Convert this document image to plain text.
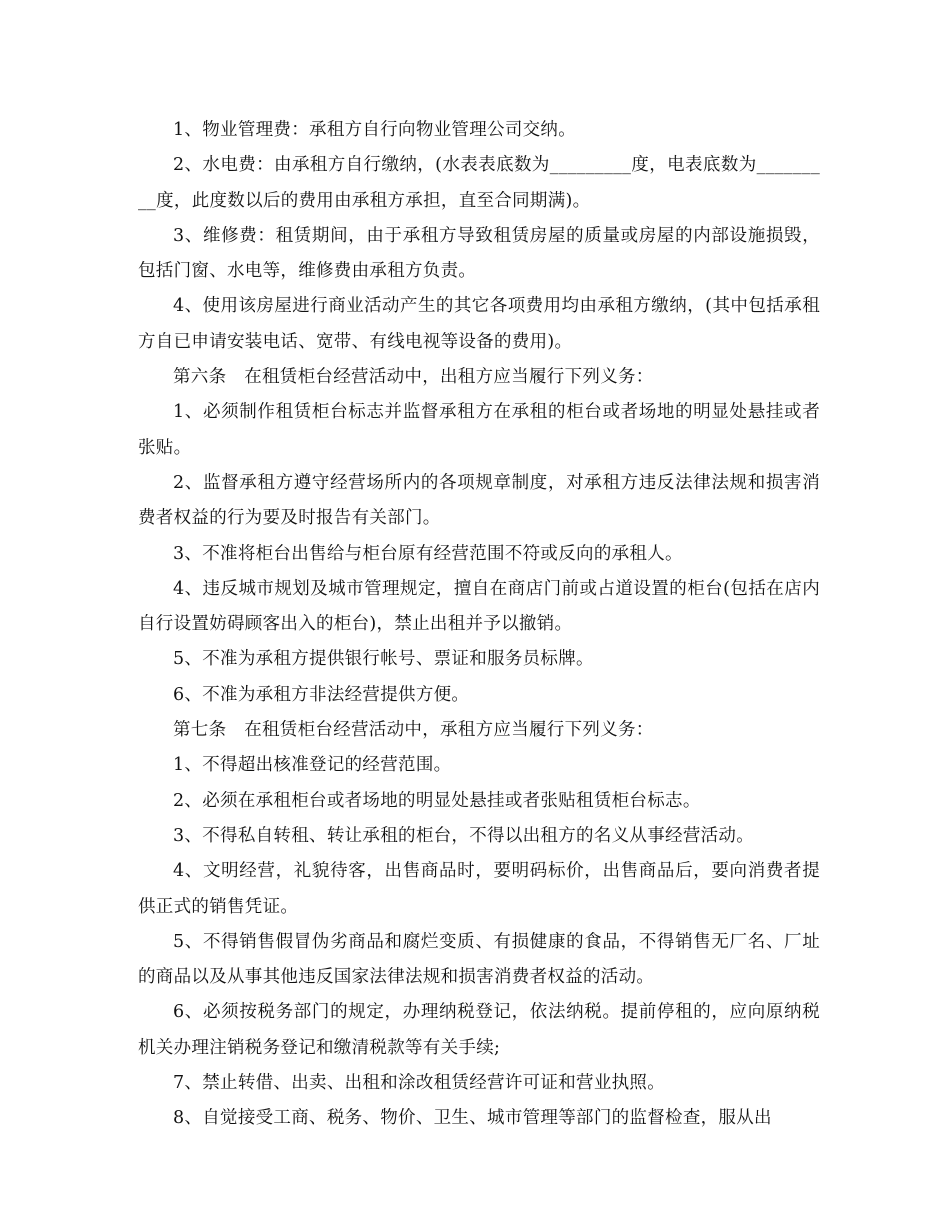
1、物业管理费：承租方自行向物业管理公司交纳。

2、水电费：由承租方自行缴纳，(水表表底数为_________度，电表底数为_________度，此度数以后的费用由承租方承担，直至合同期满)。

3、维修费：租赁期间，由于承租方导致租赁房屋的质量或房屋的内部设施损毁，包括门窗、水电等，维修费由承租方负责。

4、使用该房屋进行商业活动产生的其它各项费用均由承租方缴纳，(其中包括承租方自已申请安装电话、宽带、有线电视等设备的费用)。

第六条　在租赁柜台经营活动中，出租方应当履行下列义务：

1、必须制作租赁柜台标志并监督承租方在承租的柜台或者场地的明显处悬挂或者张贴。

2、监督承租方遵守经营场所内的各项规章制度，对承租方违反法律法规和损害消费者权益的行为要及时报告有关部门。

3、不准将柜台出售给与柜台原有经营范围不符或反向的承租人。

4、违反城市规划及城市管理规定，擅自在商店门前或占道设置的柜台(包括在店内自行设置妨碍顾客出入的柜台)，禁止出租并予以撤销。

5、不准为承租方提供银行帐号、票证和服务员标牌。

6、不准为承租方非法经营提供方便。

第七条　在租赁柜台经营活动中，承租方应当履行下列义务：

1、不得超出核准登记的经营范围。

2、必须在承租柜台或者场地的明显处悬挂或者张贴租赁柜台标志。

3、不得私自转租、转让承租的柜台，不得以出租方的名义从事经营活动。

4、文明经营，礼貌待客，出售商品时，要明码标价，出售商品后，要向消费者提供正式的销售凭证。

5、不得销售假冒伪劣商品和腐烂变质、有损健康的食品，不得销售无厂名、厂址的商品以及从事其他违反国家法律法规和损害消费者权益的活动。

6、必须按税务部门的规定，办理纳税登记，依法纳税。提前停租的，应向原纳税机关办理注销税务登记和缴清税款等有关手续;

7、禁止转借、出卖、出租和涂改租赁经营许可证和营业执照。

8、自觉接受工商、税务、物价、卫生、城市管理等部门的监督检查，服从出
